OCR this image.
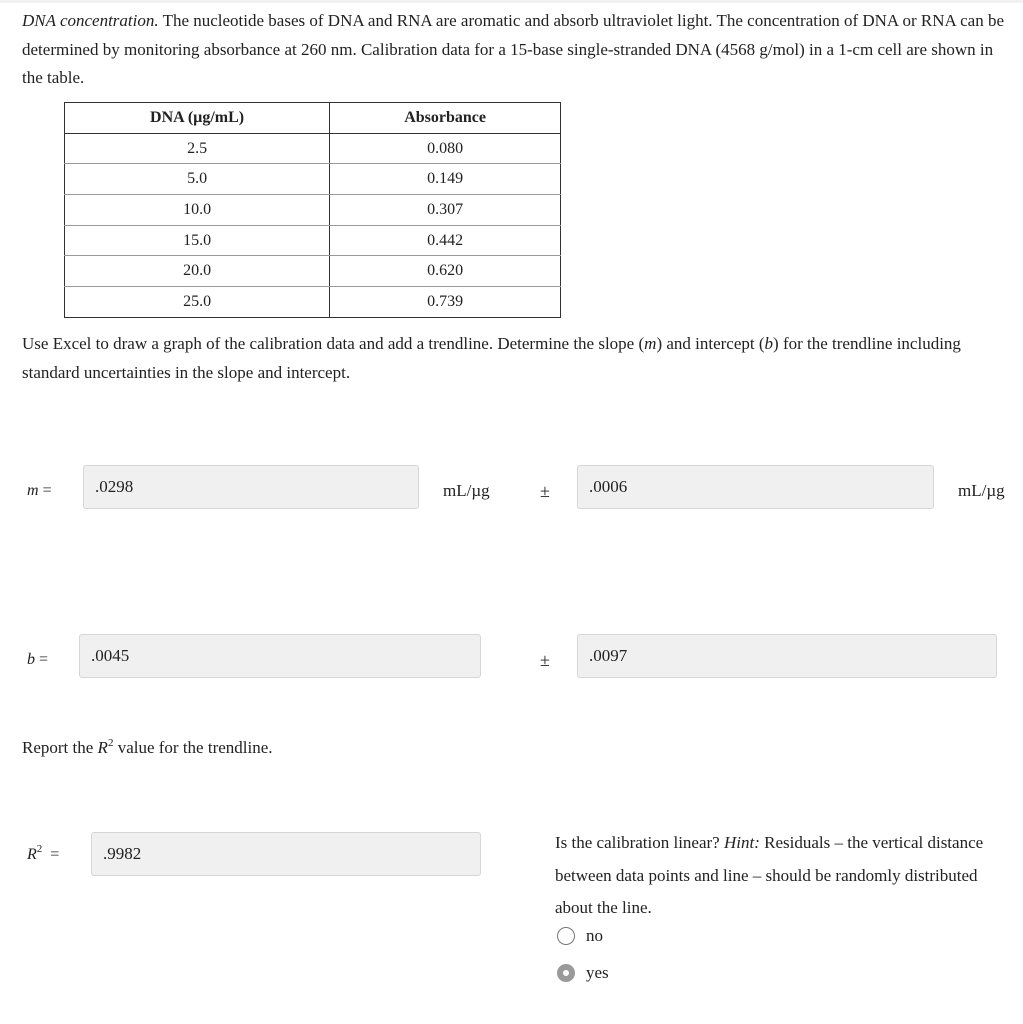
DNA concentration. The nucleotide bases of DNA and RNA are aromatic and absorb ultraviolet light. The concentration of DNA or RNA can be determined by monitoring absorbance at 260 nm. Calibration data for a 15-base single-stranded DNA (4568 g/mol) in a 1-cm cell are shown in the table.

DNA (µg/mL)	Absorbance
2.5	0.080
5.0	0.149
10.0	0.307
15.0	0.442
20.0	0.620
25.0	0.739

Use Excel to draw a graph of the calibration data and add a trendline. Determine the slope (m) and intercept (b) for the trendline including standard uncertainties in the slope and intercept.

m =	.0298	mL/µg	±	.0006	mL/µg
b =	.0045	±	.0097
Report the $R^2$ value for the trendline.
$R^2$ =	.9982
Is the calibration linear? Hint: Residuals – the vertical distance between data points and line – should be randomly distributed about the line.
no
yes
